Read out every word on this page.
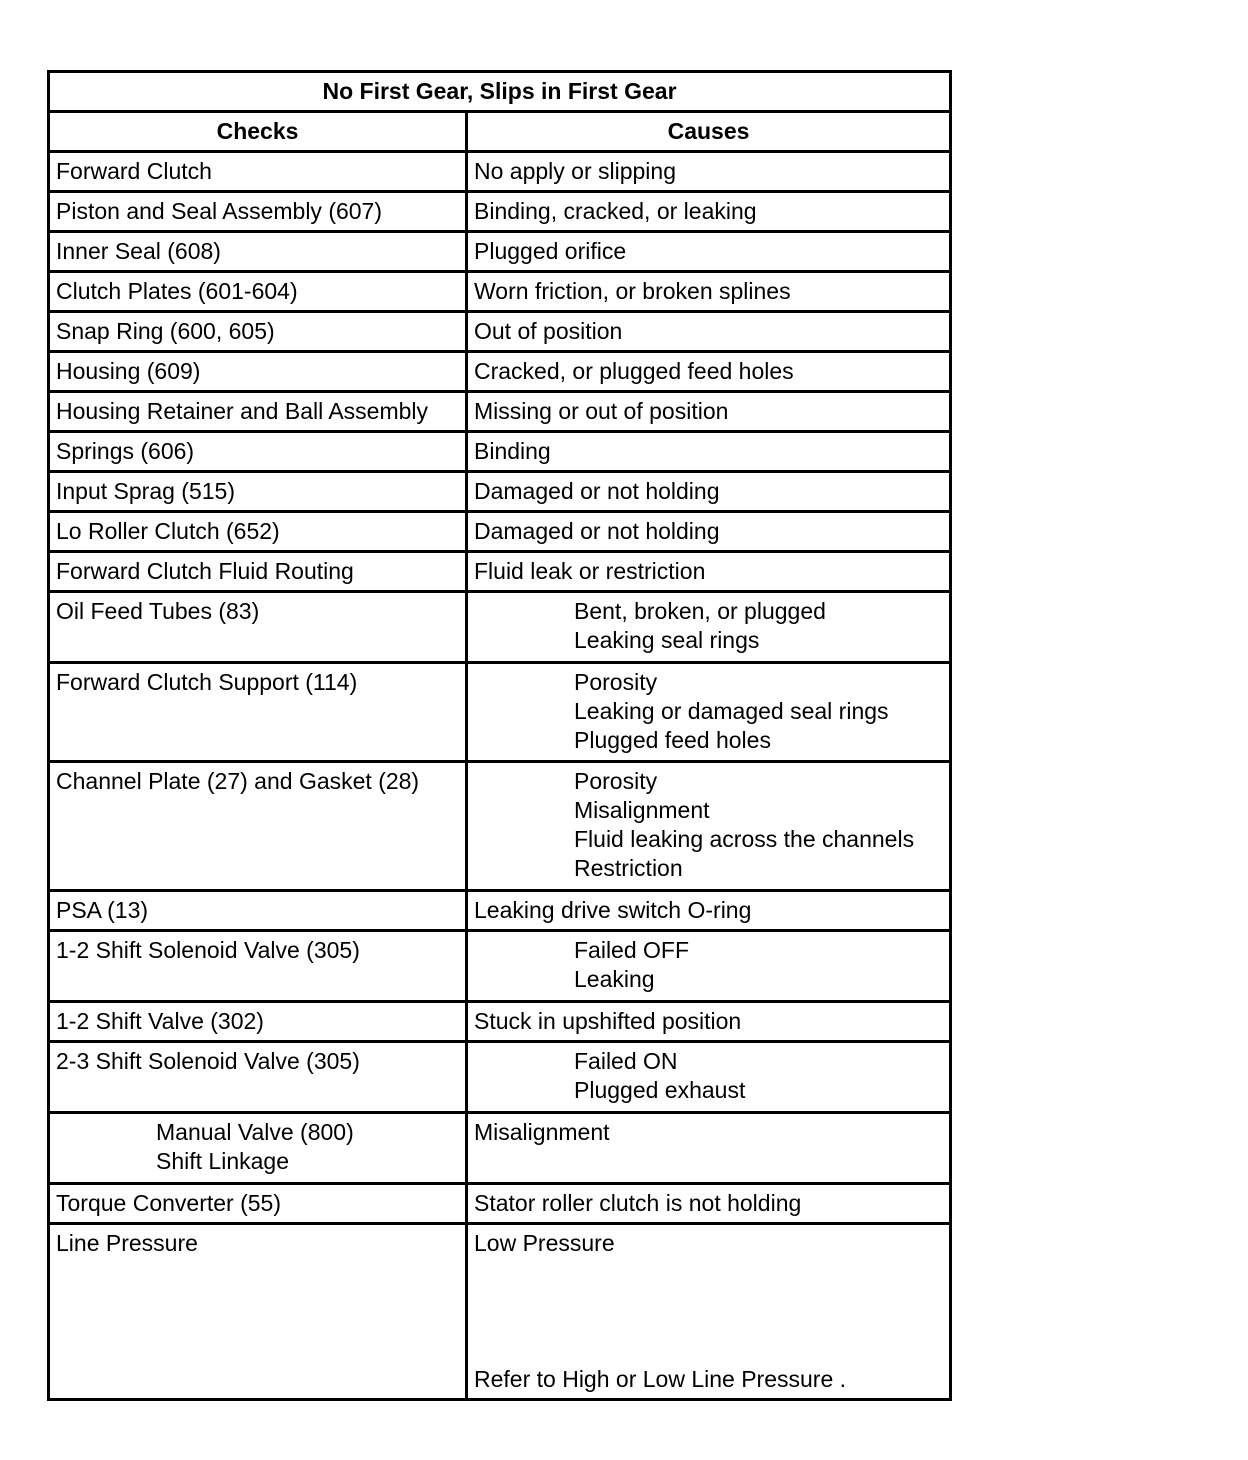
No First Gear, Slips in First Gear	
Checks	Causes

Forward Clutch	No apply or slipping

Piston and Seal Assembly (607)	Binding, cracked, or leaking

Inner Seal (608)	Plugged orifice

Clutch Plates (601-604)	Worn friction, or broken splines

Snap Ring (600, 605)	Out of position

Housing (609)	Cracked, or plugged feed holes

Housing Retainer and Ball Assembly	Missing or out of position

Springs (606)	Binding

Input Sprag (515)	Damaged or not holding

Lo Roller Clutch (652)	Damaged or not holding

Forward Clutch Fluid Routing	Fluid leak or restriction

Oil Feed Tubes (83)	Bent, broken, or plugged
Leaking seal rings

Forward Clutch Support (114)	Porosity
Leaking or damaged seal rings
Plugged feed holes

Channel Plate (27) and Gasket (28)	Porosity
Misalignment
Fluid leaking across the channels
Restriction

PSA (13)	Leaking drive switch O-ring

1-2 Shift Solenoid Valve (305)	Failed OFF
Leaking

1-2 Shift Valve (302)	Stuck in upshifted position

2-3 Shift Solenoid Valve (305)	Failed ON
Plugged exhaust

Manual Valve (800)
Shift Linkage	Misalignment

Torque Converter (55)	Stator roller clutch is not holding

Line Pressure	Low Pressure
Refer to High or Low Line Pressure .
